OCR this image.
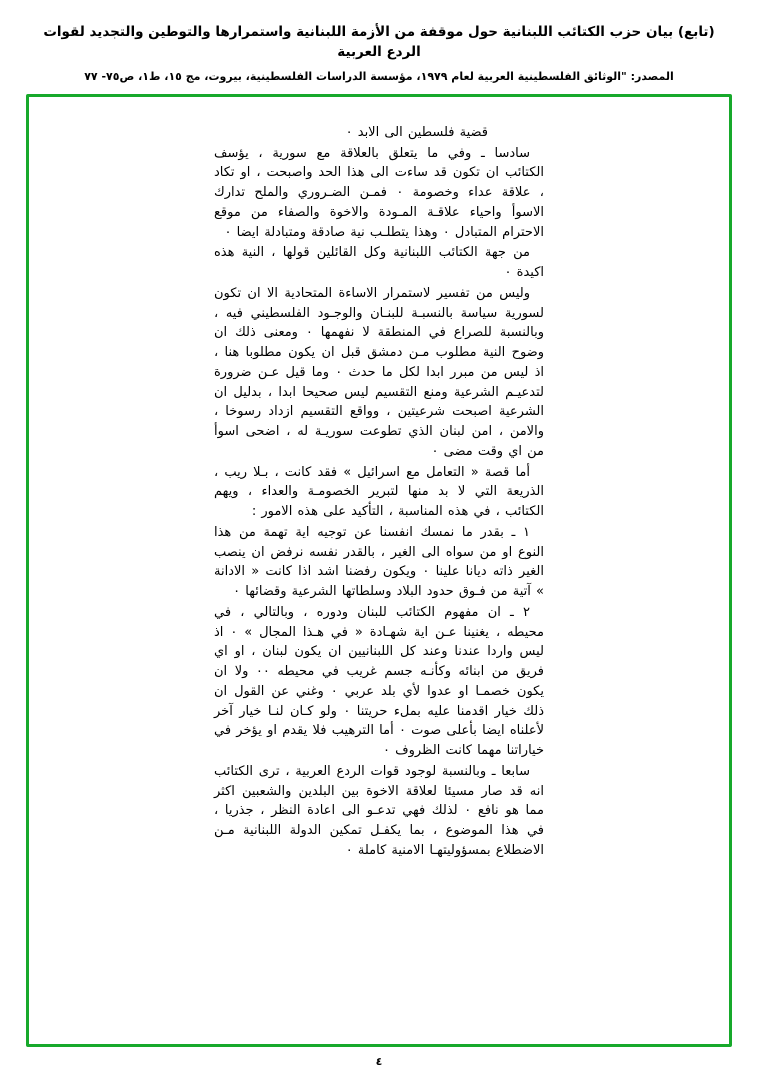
(تابع) بيان حزب الكتائب اللبنانية حول موقفة من الأزمة اللبنانية واستمرارها والتوطين والتجديد لقوات الردع العربية
المصدر: "الوثائق الفلسطينية العربية لعام ١٩٧٩، مؤسسة الدراسات الفلسطينية، بيروت، مج ١٥، ط١، ص٧٥- ٧٧

قضية فلسطين الى الابد ٠

سادسا ـ وفي ما يتعلق بالعلاقة مع سورية ، يؤسف الكتائب ان تكون قد ساءت الى هذا الحد واصبحت ، او تكاد ، علاقة عداء وخصومة ٠ فمـن الضـروري والملح تدارك الاسوأ واحياء علاقـة المـودة والاخوة والصفاء من موقع الاحترام المتبادل ٠ وهذا يتطلـب نية صادقة ومتبادلة ايضا ٠

من جهة الكتائب اللبنانية وكل القائلين قولها ، النية هذه اكيدة ٠

وليس من تفسير لاستمرار الاساءة المتحادية الا ان تكون لسورية سياسة بالنسبـة للبنـان والوجـود الفلسطيني فيه ، وبالنسبة للصراع في المنطقة لا نفهمها ٠ ومعنى ذلك ان وضوح النية مطلوب مـن دمشق قبل ان يكون مطلوبا هنا ، اذ ليس من مبرر ابدا لكل ما حدث ٠ وما قيل عـن ضرورة لتدعيـم الشرعية ومنع التقسيم ليس صحيحا ابدا ، بدليل ان الشرعية اصبحت شرعيتين ، وواقع التقسيم ازداد رسوخا ، والامن ، امن لبنان الذي تطوعت سوريـة له ، اضحى اسوأ من اي وقت مضى ٠

أما قصة « التعامل مع اسرائيل » فقد كانت ، بـلا ريب ، الذريعة التي لا بد منها لتبرير الخصومـة والعداء ، ويهم الكتائب ، في هذه المناسبة ، التأكيد على هذه الامور :

١ ـ بقدر ما نمسك انفسنا عن توجيه اية تهمة من هذا النوع او من سواه الى الغير ، بالقدر نفسه نرفض ان ينصب الغير ذاته ديانا علينا ٠ ويكون رفضنا اشد اذا كانت « الادانة » آتية من فـوق حدود البلاد وسلطاتها الشرعية وقضائها ٠

٢ ـ ان مفهوم الكتائب للبنان ودوره ، وبالتالي ، في محيطه ، يغنينا عـن اية شهـادة « في هـذا المجال » ٠ اذ ليس واردا عندنا وعند كل اللبنانيين ان يكون لبنان ، او اي فريق من ابنائه وكأنـه جسم غريب في محيطه ٠٠ ولا ان يكون خصمـا او عدوا لأي بلد عربي ٠ وغني عن القول ان ذلك خيار اقدمنا عليه بملء حريتنا ٠ ولو كـان لنـا خيار آخر لأعلناه ايضا بأعلى صوت ٠ أما الترهيب فلا يقدم او يؤخر في خياراتنا مهما كانت الظروف ٠

سابعا ـ وبالنسبة لوجود قوات الردع العربية ، ترى الكتائب انه قد صار مسيئا لعلاقة الاخوة بين البلدين والشعبين اكثر مما هو نافع ٠ لذلك فهي تدعـو الى اعادة النظر ، جذريا ، في هذا الموضوع ، بما يكفـل تمكين الدولة اللبنانية مـن الاضطلاع بمسؤوليتهـا الامنية كاملة ٠

٤
